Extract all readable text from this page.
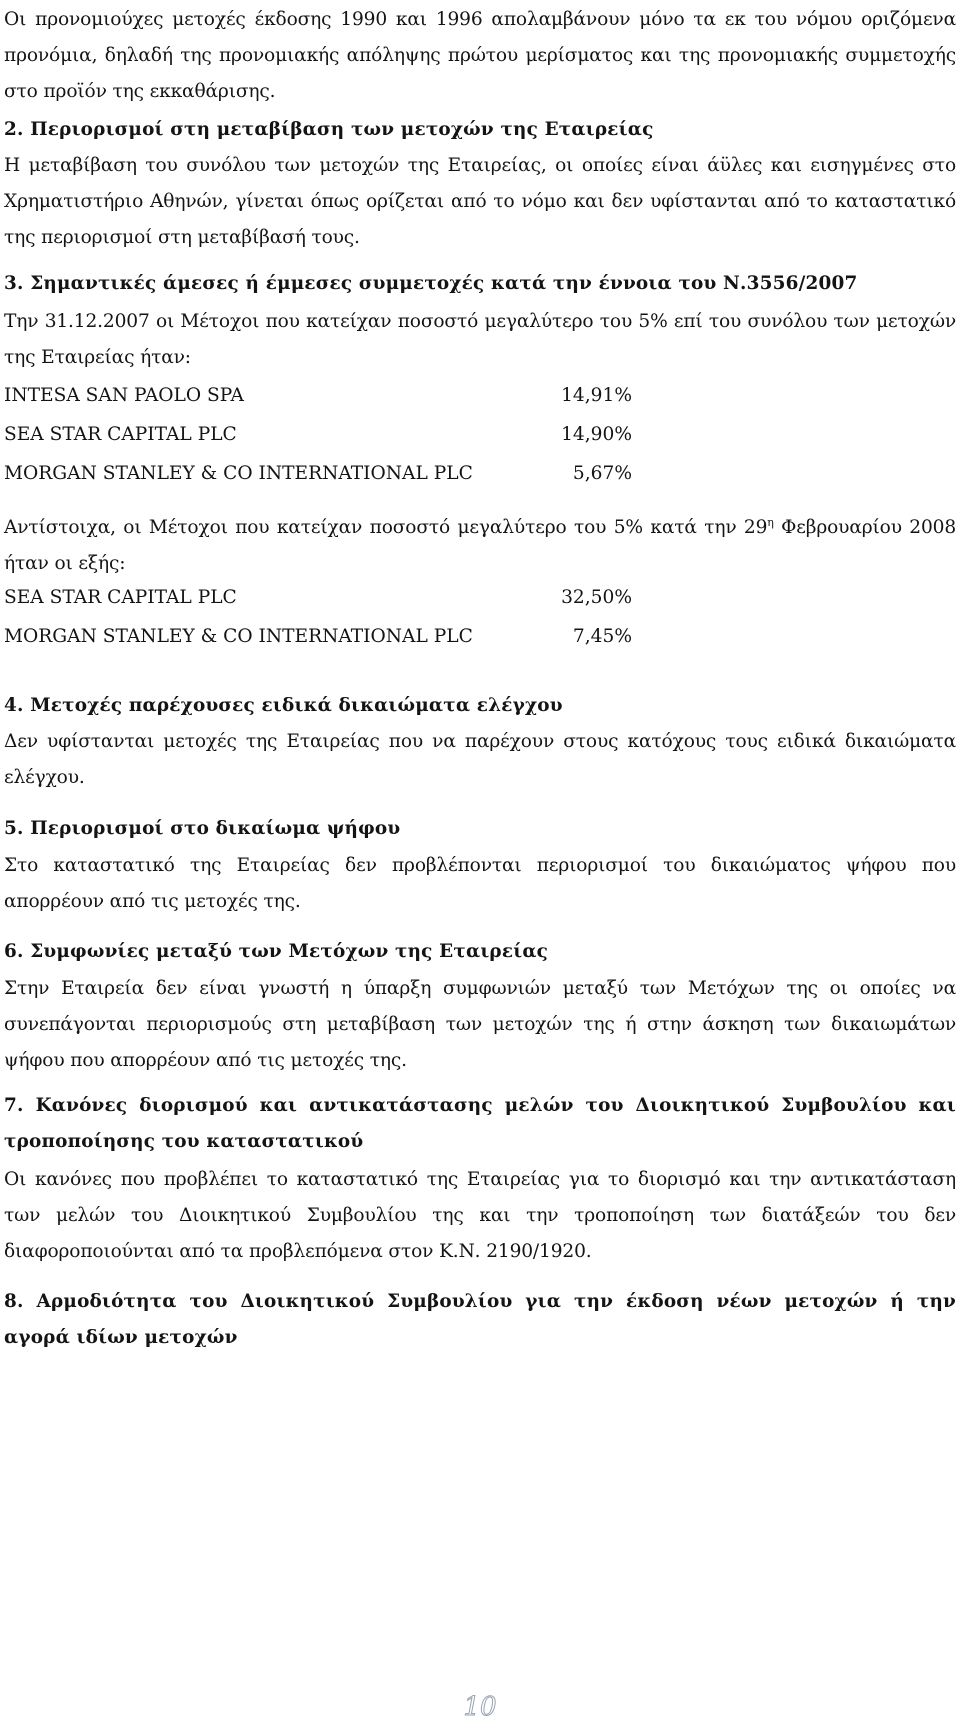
Οι προνομιούχες μετοχές έκδοσης 1990 και 1996 απολαμβάνουν μόνο τα εκ του νόμου οριζόμενα προνόμια, δηλαδή της προνομιακής απόληψης πρώτου μερίσματος και της προνομιακής συμμετοχής στο προϊόν της εκκαθάρισης.
2. Περιορισμοί στη μεταβίβαση των μετοχών της Εταιρείας
Η μεταβίβαση του συνόλου των μετοχών της Εταιρείας, οι οποίες είναι άϋλες και εισηγμένες στο Χρηματιστήριο Αθηνών, γίνεται όπως ορίζεται από το νόμο και δεν υφίστανται από το καταστατικό της περιορισμοί στη μεταβίβασή τους.
3. Σημαντικές άμεσες ή έμμεσες συμμετοχές κατά την έννοια του Ν.3556/2007
Την 31.12.2007 οι Μέτοχοι που κατείχαν ποσοστό μεγαλύτερο του 5% επί του συνόλου των μετοχών της Εταιρείας ήταν:
INTESA SAN PAOLO SPA	14,91%
SEA STAR CAPITAL PLC	14,90%
MORGAN STANLEY & CO INTERNATIONAL PLC	5,67%
Αντίστοιχα, οι Μέτοχοι που κατείχαν ποσοστό μεγαλύτερο του 5% κατά την $29^\eta$ Φεβρουαρίου 2008 ήταν οι εξής:
SEA STAR CAPITAL PLC	32,50%
MORGAN STANLEY & CO INTERNATIONAL PLC	7,45%
4. Μετοχές παρέχουσες ειδικά δικαιώματα ελέγχου
Δεν υφίστανται μετοχές της Εταιρείας που να παρέχουν στους κατόχους τους ειδικά δικαιώματα ελέγχου.
5. Περιορισμοί στο δικαίωμα ψήφου
Στο καταστατικό της Εταιρείας δεν προβλέπονται περιορισμοί του δικαιώματος ψήφου που απορρέουν από τις μετοχές της.
6. Συμφωνίες μεταξύ των Μετόχων της Εταιρείας
Στην Εταιρεία δεν είναι γνωστή η ύπαρξη συμφωνιών μεταξύ των Μετόχων της οι οποίες να συνεπάγονται περιορισμούς στη μεταβίβαση των μετοχών της ή στην άσκηση των δικαιωμάτων ψήφου που απορρέουν από τις μετοχές της.
7. Κανόνες διορισμού και αντικατάστασης μελών του Διοικητικού Συμβουλίου και τροποποίησης του καταστατικού
Οι κανόνες που προβλέπει το καταστατικό της Εταιρείας για το διορισμό και την αντικατάσταση των μελών του Διοικητικού Συμβουλίου της και την τροποποίηση των διατάξεών του δεν διαφοροποιούνται από τα προβλεπόμενα στον Κ.Ν. 2190/1920.
8. Αρμοδιότητα του Διοικητικού Συμβουλίου για την έκδοση νέων μετοχών ή την αγορά ιδίων μετοχών
10
